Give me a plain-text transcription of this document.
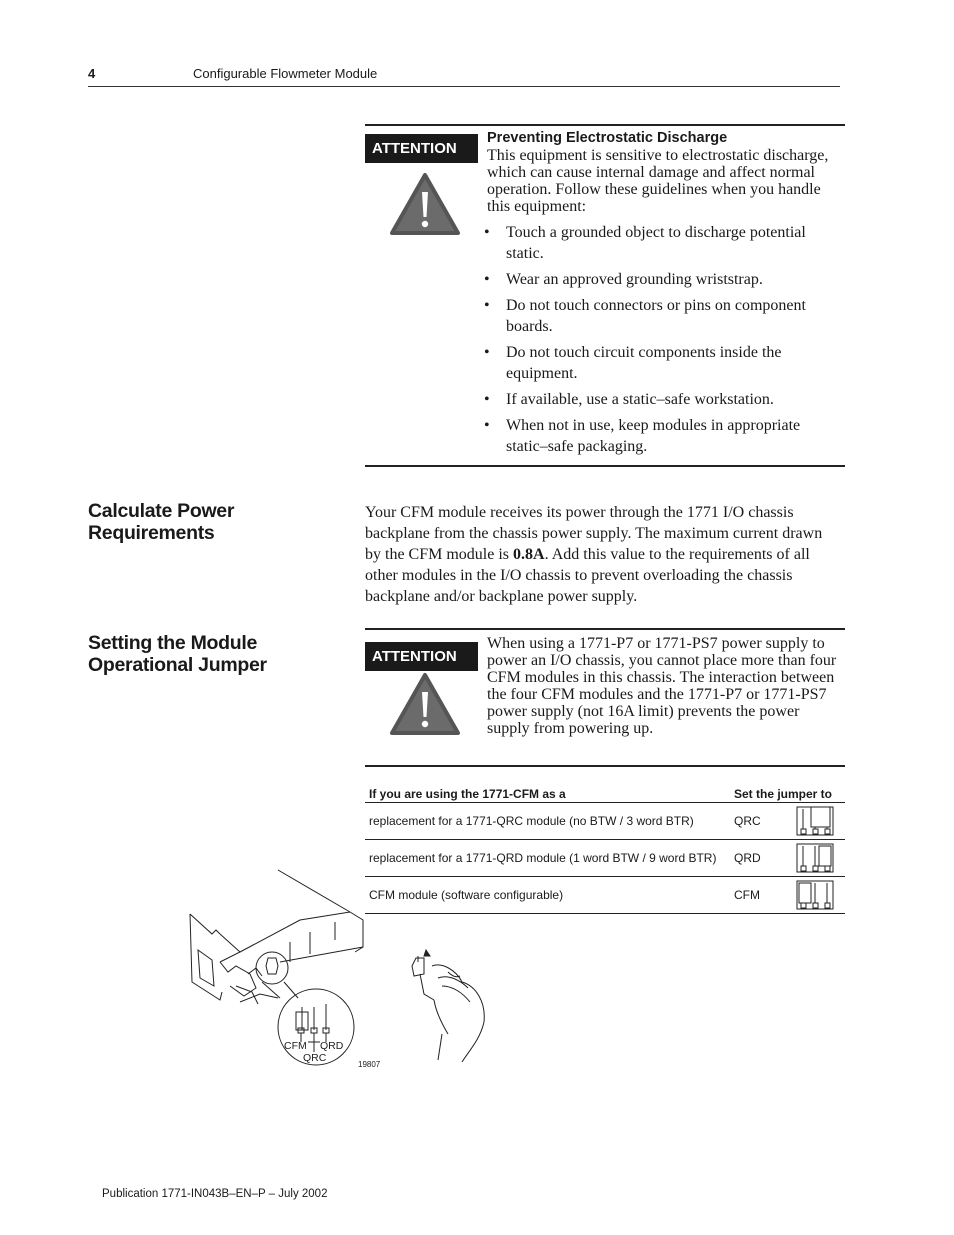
4	Configurable Flowmeter Module
ATTENTION
Preventing Electrostatic Discharge
This equipment is sensitive to electrostatic discharge, which can cause internal damage and affect normal operation. Follow these guidelines when you handle this equipment:
• Touch a grounded object to discharge potential static.
• Wear an approved grounding wriststrap.
• Do not touch connectors or pins on component boards.
• Do not touch circuit components inside the equipment.
• If available, use a static–safe workstation.
• When not in use, keep modules in appropriate static–safe packaging.
Calculate Power Requirements
Your CFM module receives its power through the 1771 I/O chassis backplane from the chassis power supply. The maximum current drawn by the CFM module is 0.8A. Add this value to the requirements of all other modules in the I/O chassis to prevent overloading the chassis backplane and/or backplane power supply.
Setting the Module Operational Jumper	ATTENTION
When using a 1771-P7 or 1771-PS7 power supply to power an I/O chassis, you cannot place more than four CFM modules in this chassis. The interaction between the four CFM modules and the 1771-P7 or 1771-PS7 power supply (not 16A limit) prevents the power supply from powering up.
If you are using the 1771-CFM as a	Set the jumper to
replacement for a 1771-QRC module (no BTW / 3 word BTR)	QRC
replacement for a 1771-QRD module (1 word BTW / 9 word BTR) QRD
CFM module (software configurable)	CFM
CFM QRD
QRC
19807
Publication 1771-IN043B–EN–P – July 2002
